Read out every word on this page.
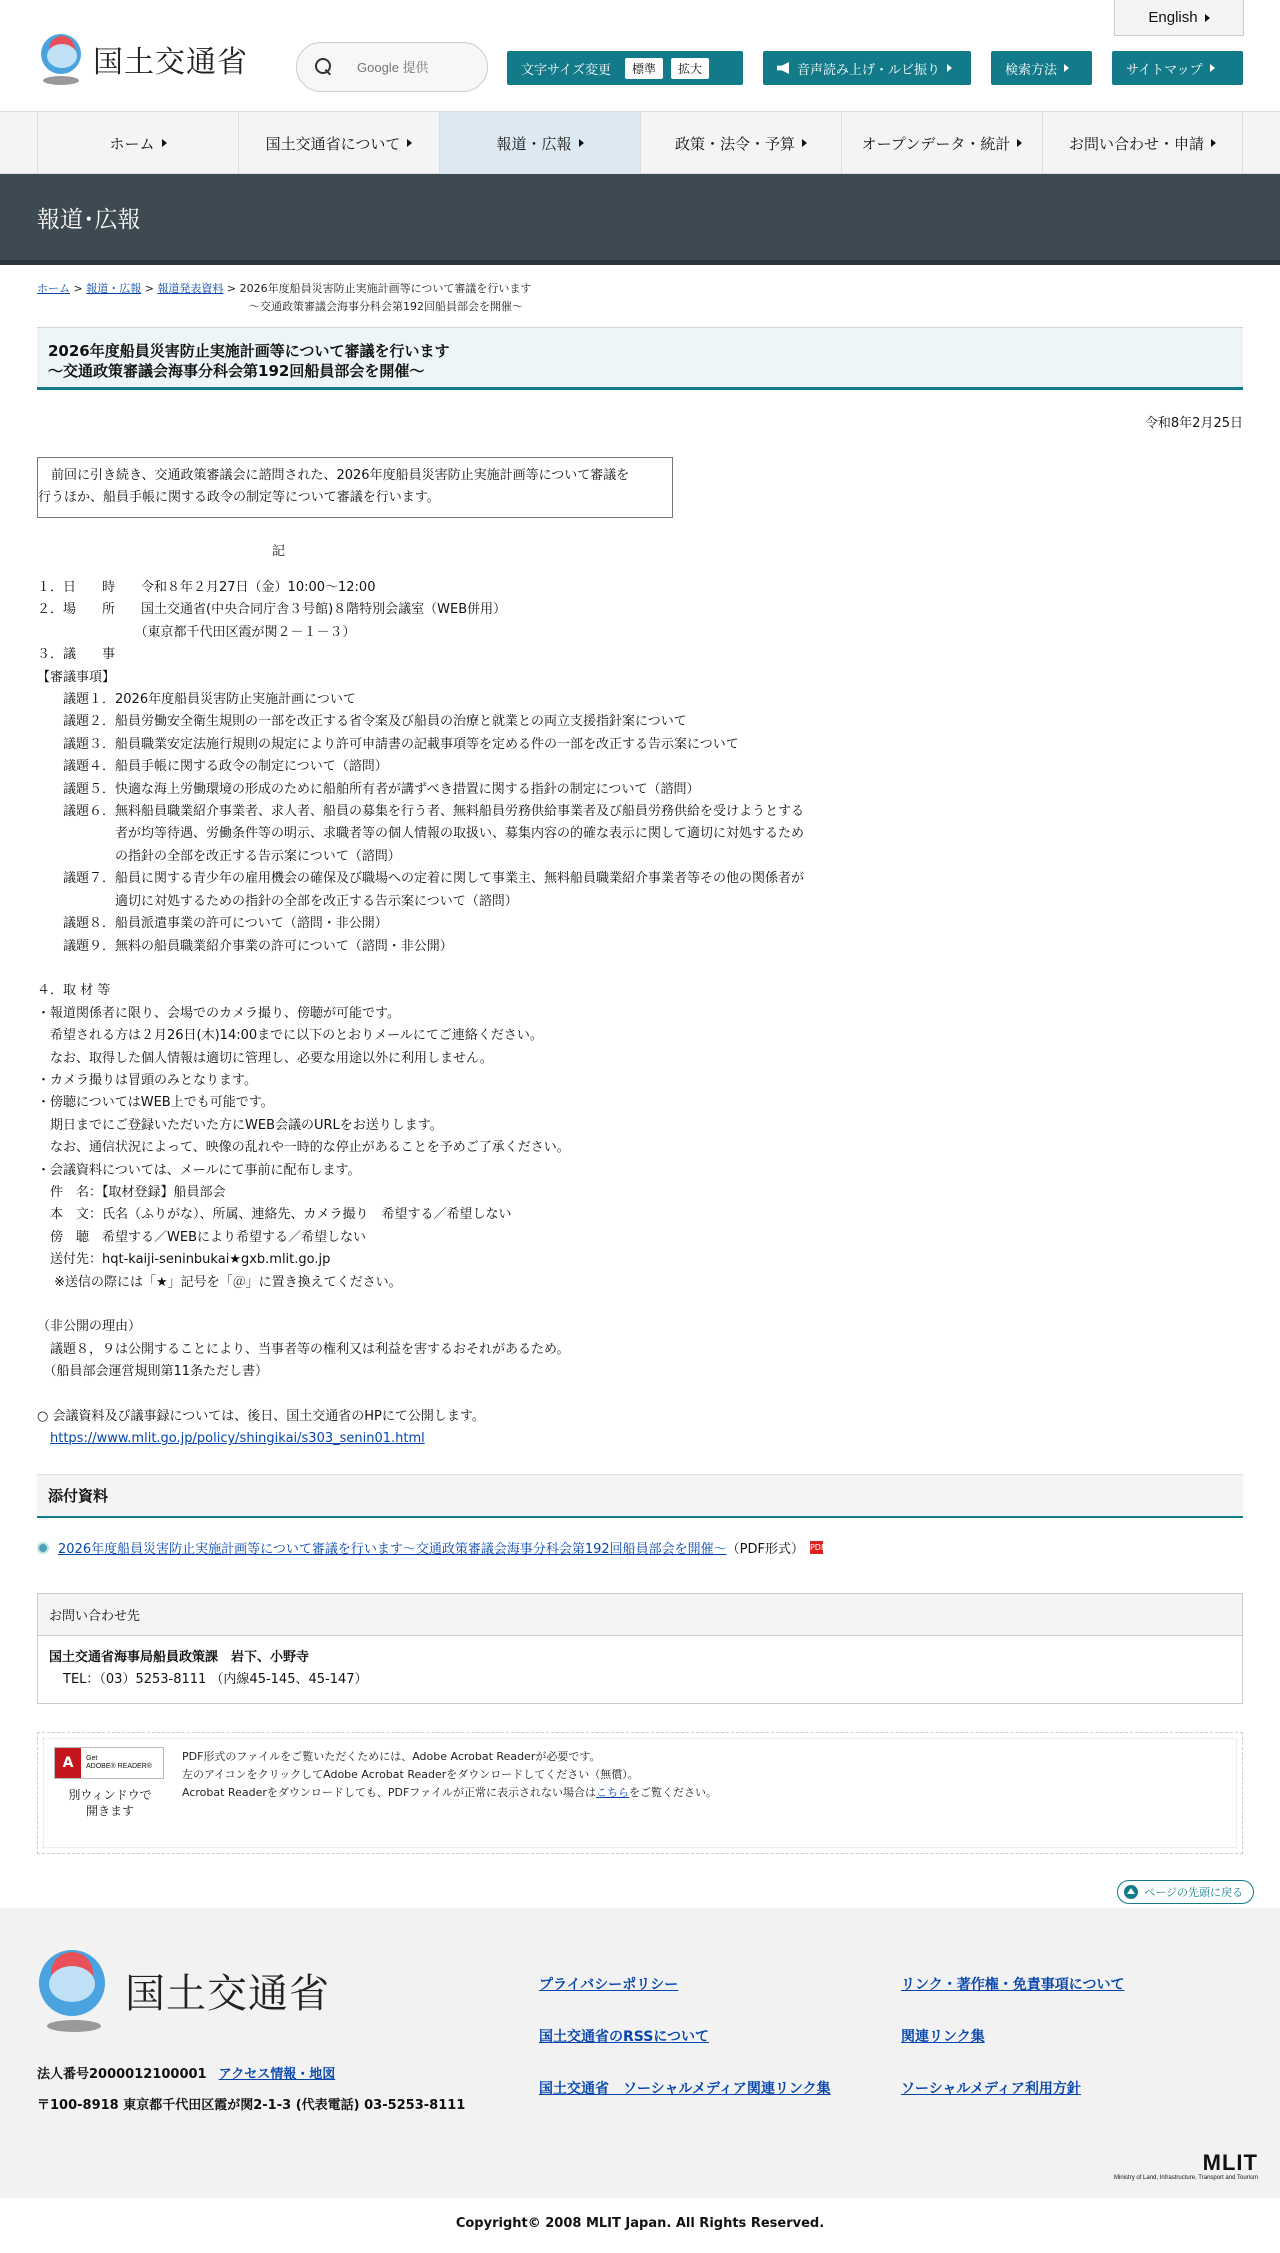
国土交通省
Google 提供
English
文字サイズ変更	標準	拡大	音声読み上げ・ルビ振り	検索方法	サイトマップ
ホーム	国土交通省について	報道・広報	政策・法令・予算	オープンデータ・統計	お問い合わせ・申請
報道･広報
ホーム > 報道・広報 > 報道発表資料 > 2026年度船員災害防止実施計画等について審議を行います
～交通政策審議会海事分科会第192回船員部会を開催～
2026年度船員災害防止実施計画等について審議を行います
～交通政策審議会海事分科会第192回船員部会を開催～
令和8年2月25日
前回に引き続き、交通政策審議会に諮問された、2026年度船員災害防止実施計画等について審議を
行うほか、船員手帳に関する政令の制定等について審議を行います。
記
１．日　　時　　令和８年２月27日（金）10:00～12:00
２．場　　所　　国土交通省(中央合同庁舎３号館)８階特別会議室（WEB併用）
　　　　　　　　（東京都千代田区霞が関２－１－３）
３．議　　事
【審議事項】
　　議題１．2026年度船員災害防止実施計画について
　　議題２．船員労働安全衛生規則の一部を改正する省令案及び船員の治療と就業との両立支援指針案について
　　議題３．船員職業安定法施行規則の規定により許可申請書の記載事項等を定める件の一部を改正する告示案について
　　議題４．船員手帳に関する政令の制定について（諮問）
　　議題５．快適な海上労働環境の形成のために船舶所有者が講ずべき措置に関する指針の制定について（諮問）
　　議題６．無料船員職業紹介事業者、求人者、船員の募集を行う者、無料船員労務供給事業者及び船員労務供給を受けようとする
　　　　　　者が均等待遇、労働条件等の明示、求職者等の個人情報の取扱い、募集内容の的確な表示に関して適切に対処するため
　　　　　　の指針の全部を改正する告示案について（諮問）
　　議題７．船員に関する青少年の雇用機会の確保及び職場への定着に関して事業主、無料船員職業紹介事業者等その他の関係者が
　　　　　　適切に対処するための指針の全部を改正する告示案について（諮問）
　　議題８．船員派遣事業の許可について（諮問・非公開）
　　議題９．無料の船員職業紹介事業の許可について（諮問・非公開）
４．取 材 等
・報道関係者に限り、会場でのカメラ撮り、傍聴が可能です。
　希望される方は２月26日(木)14:00までに以下のとおりメールにてご連絡ください。
　なお、取得した個人情報は適切に管理し、必要な用途以外に利用しません。
・カメラ撮りは冒頭のみとなります。
・傍聴についてはWEB上でも可能です。
　期日までにご登録いただいた方にWEB会議のURLをお送りします。
　なお、通信状況によって、映像の乱れや一時的な停止があることを予めご了承ください。
・会議資料については、メールにて事前に配布します。
　件　名：【取材登録】船員部会
　本　文：氏名（ふりがな）、所属、連絡先、カメラ撮り　希望する／希望しない
　傍　聴　希望する／WEBにより希望する／希望しない
　送付先：hqt-kaiji-seninbukai★gxb.mlit.go.jp
　 ※送信の際には「★」記号を「＠」に置き換えてください。
（非公開の理由）
　議題８，９は公開することにより、当事者等の権利又は利益を害するおそれがあるため。
　（船員部会運営規則第11条ただし書）
○ 会議資料及び議事録については、後日、国土交通省のHPにて公開します。
https://www.mlit.go.jp/policy/shingikai/s303_senin01.html
添付資料
2026年度船員災害防止実施計画等について審議を行います～交通政策審議会海事分科会第192回船員部会を開催～ （PDF形式） PDF
お問い合わせ先
国土交通省海事局船員政策課　岩下、小野寺
TEL：（03）5253-8111 （内線45-145、45-147）
A	Get
ADOBE® READER®
別ウィンドウで
開きます
PDF形式のファイルをご覧いただくためには、Adobe Acrobat Readerが必要です。
左のアイコンをクリックしてAdobe Acrobat Readerをダウンロードしてください（無償）。
Acrobat Readerをダウンロードしても、PDFファイルが正常に表示されない場合はこちらをご覧ください。
ページの先頭に戻る
国土交通省
法人番号2000012100001 アクセス情報・地図
〒100-8918 東京都千代田区霞が関2-1-3 (代表電話) 03-5253-8111
プライバシーポリシー	リンク・著作権・免責事項について
国土交通省のRSSについて	関連リンク集
国土交通省　ソーシャルメディア関連リンク集	ソーシャルメディア利用方針
MLIT
Ministry of Land, Infrastructure, Transport and Tourism
Copyright© 2008 MLIT Japan. All Rights Reserved.
